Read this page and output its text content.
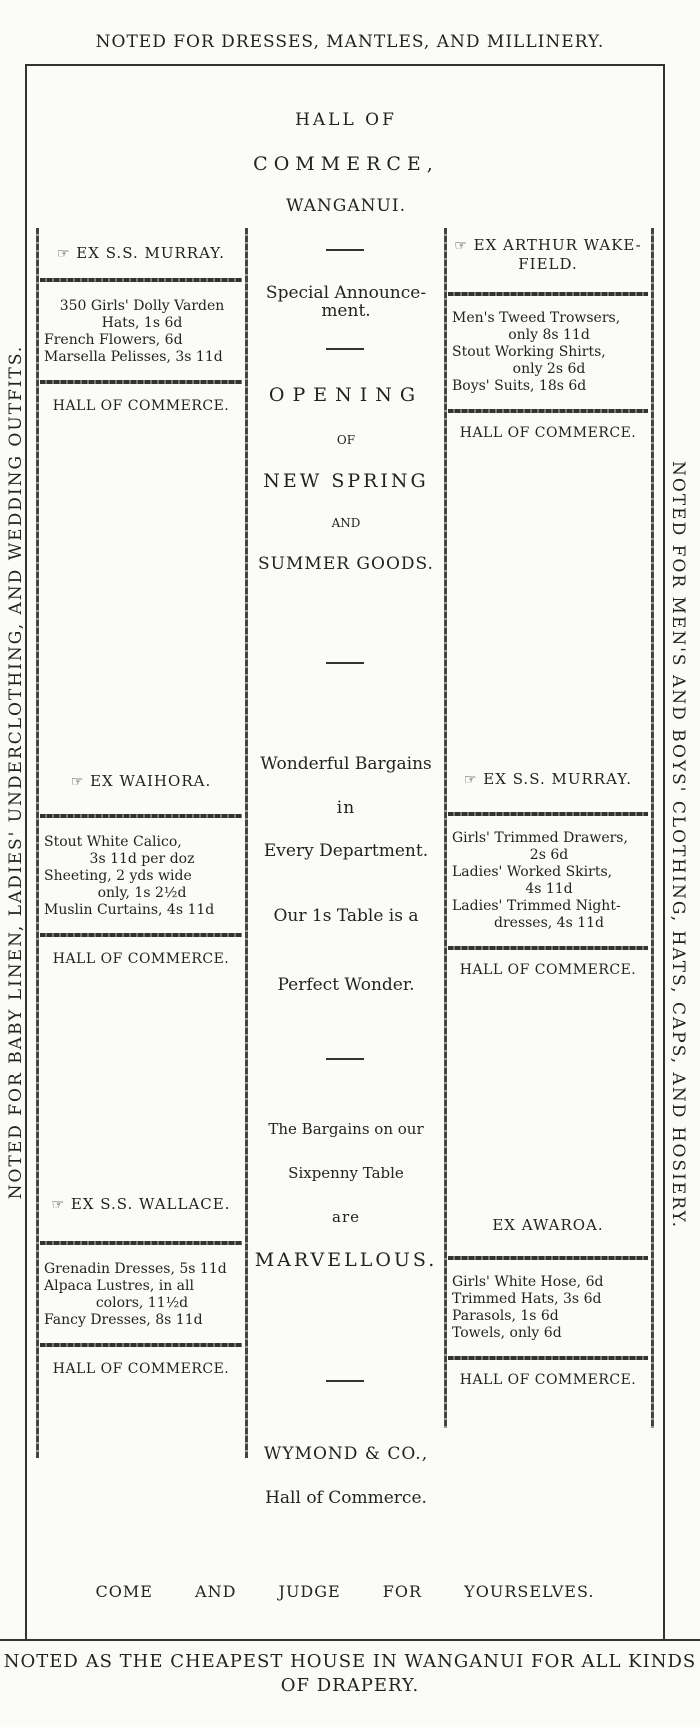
NOTED FOR DRESSES, MANTLES, AND MILLINERY.
NOTED FOR BABY LINEN, LADIES' UNDERCLOTHING, AND WEDDING OUTFITS.	NOTED FOR MEN'S AND BOYS' CLOTHING, HATS, CAPS, AND HOSIERY.
☞ EX S.S. MURRAY.
350 Girls' Dolly Varden
Hats, 1s 6d
French Flowers, 6d
Marsella Pelisses, 3s 11d
HALL OF COMMERCE.
☞ EX WAIHORA.
Stout White Calico,
3s 11d per doz
Sheeting, 2 yds wide
only, 1s 2½d
Muslin Curtains, 4s 11d
HALL OF COMMERCE.
☞ EX S.S. WALLACE.
Grenadin Dresses, 5s 11d
Alpaca Lustres, in all
colors, 11½d
Fancy Dresses, 8s 11d
HALL OF COMMERCE.
☞ EX ARTHUR WAKE-
FIELD.
Men's Tweed Trowsers,
only 8s 11d
Stout Working Shirts,
only 2s 6d
Boys' Suits, 18s 6d
HALL OF COMMERCE.
☞ EX S.S. MURRAY.
Girls' Trimmed Drawers,
2s 6d
Ladies' Worked Skirts,
4s 11d
Ladies' Trimmed Night-
dresses, 4s 11d
HALL OF COMMERCE.
EX AWAROA.
Girls' White Hose, 6d
Trimmed Hats, 3s 6d
Parasols, 1s 6d
Towels, only 6d
HALL OF COMMERCE.
HALL OF
COMMERCE,
WANGANUI.
Special Announce-
ment.
OPENING
OF
NEW SPRING
AND
SUMMER GOODS.
Wonderful Bargains
in
Every Department.
Our 1s Table is a
Perfect Wonder.
The Bargains on our
Sixpenny Table
are
MARVELLOUS.
WYMOND & CO.,
Hall of Commerce.
COME AND JUDGE FOR YOURSELVES.
NOTED AS THE CHEAPEST HOUSE IN WANGANUI FOR ALL KINDS
OF DRAPERY.
